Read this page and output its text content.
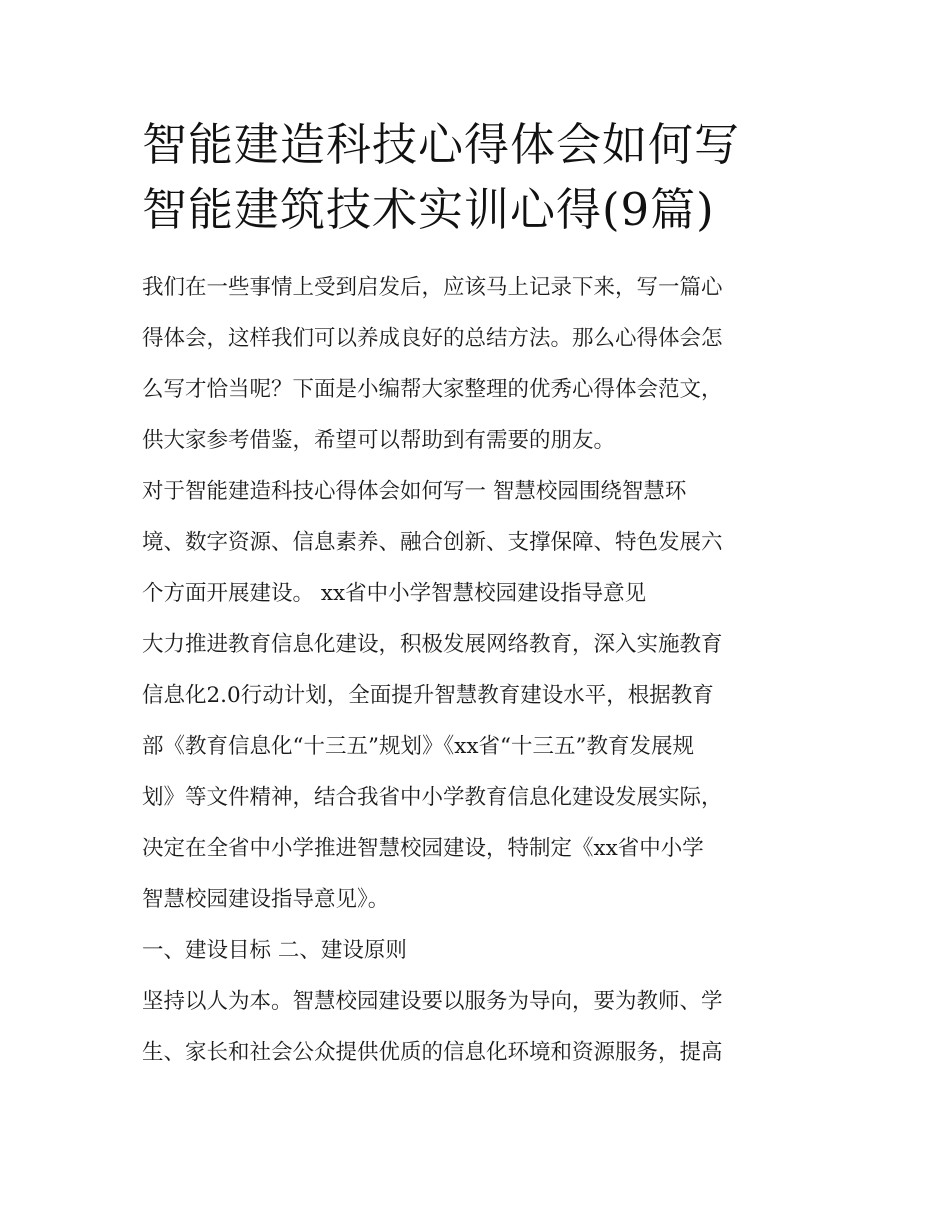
智能建造科技心得体会如何写
智能建筑技术实训心得(9篇)
我们在一些事情上受到启发后，应该马上记录下来，写一篇心
得体会，这样我们可以养成良好的总结方法。那么心得体会怎
么写才恰当呢？下面是小编帮大家整理的优秀心得体会范文，
供大家参考借鉴，希望可以帮助到有需要的朋友。
对于智能建造科技心得体会如何写一 智慧校园围绕智慧环
境、数字资源、信息素养、融合创新、支撑保障、特色发展六
个方面开展建设。 xx省中小学智慧校园建设指导意见
大力推进教育信息化建设，积极发展网络教育，深入实施教育
信息化2.0行动计划，全面提升智慧教育建设水平，根据教育
部《教育信息化“十三五”规划》《xx省“十三五”教育发展规
划》等文件精神，结合我省中小学教育信息化建设发展实际，
决定在全省中小学推进智慧校园建设，特制定《xx省中小学
智慧校园建设指导意见》。
一、建设目标 二、建设原则
坚持以人为本。智慧校园建设要以服务为导向，要为教师、学
生、家长和社会公众提供优质的信息化环境和资源服务，提高
